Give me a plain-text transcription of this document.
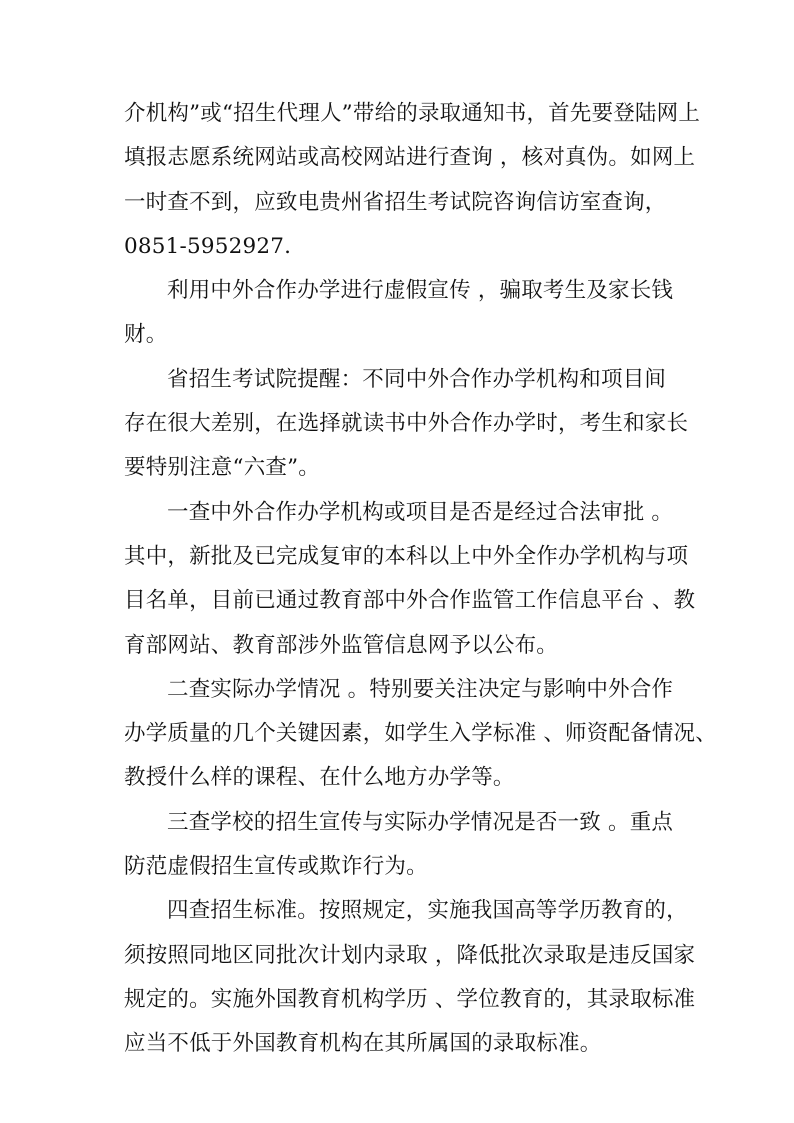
介机构”或“招生代理人”带给的录取通知书，首先要登陆网上
填报志愿系统网站或高校网站进行查询 ，核对真伪。如网上
一时查不到，应致电贵州省招生考试院咨询信访室查询，
0851-5952927.

利用中外合作办学进行虚假宣传 ，骗取考生及家长钱
财。

省招生考试院提醒：不同中外合作办学机构和项目间
存在很大差别，在选择就读书中外合作办学时，考生和家长
要特别注意“六查”。

一查中外合作办学机构或项目是否是经过合法审批 。
其中，新批及已完成复审的本科以上中外全作办学机构与项
目名单，目前已通过教育部中外合作监管工作信息平台 、教
育部网站、教育部涉外监管信息网予以公布。

二查实际办学情况 。特别要关注决定与影响中外合作
办学质量的几个关键因素，如学生入学标准 、师资配备情况、
教授什么样的课程、在什么地方办学等。

三查学校的招生宣传与实际办学情况是否一致 。重点
防范虚假招生宣传或欺诈行为。

四查招生标准。按照规定，实施我国高等学历教育的，
须按照同地区同批次计划内录取 ，降低批次录取是违反国家
规定的。实施外国教育机构学历 、学位教育的，其录取标准
应当不低于外国教育机构在其所属国的录取标准。
